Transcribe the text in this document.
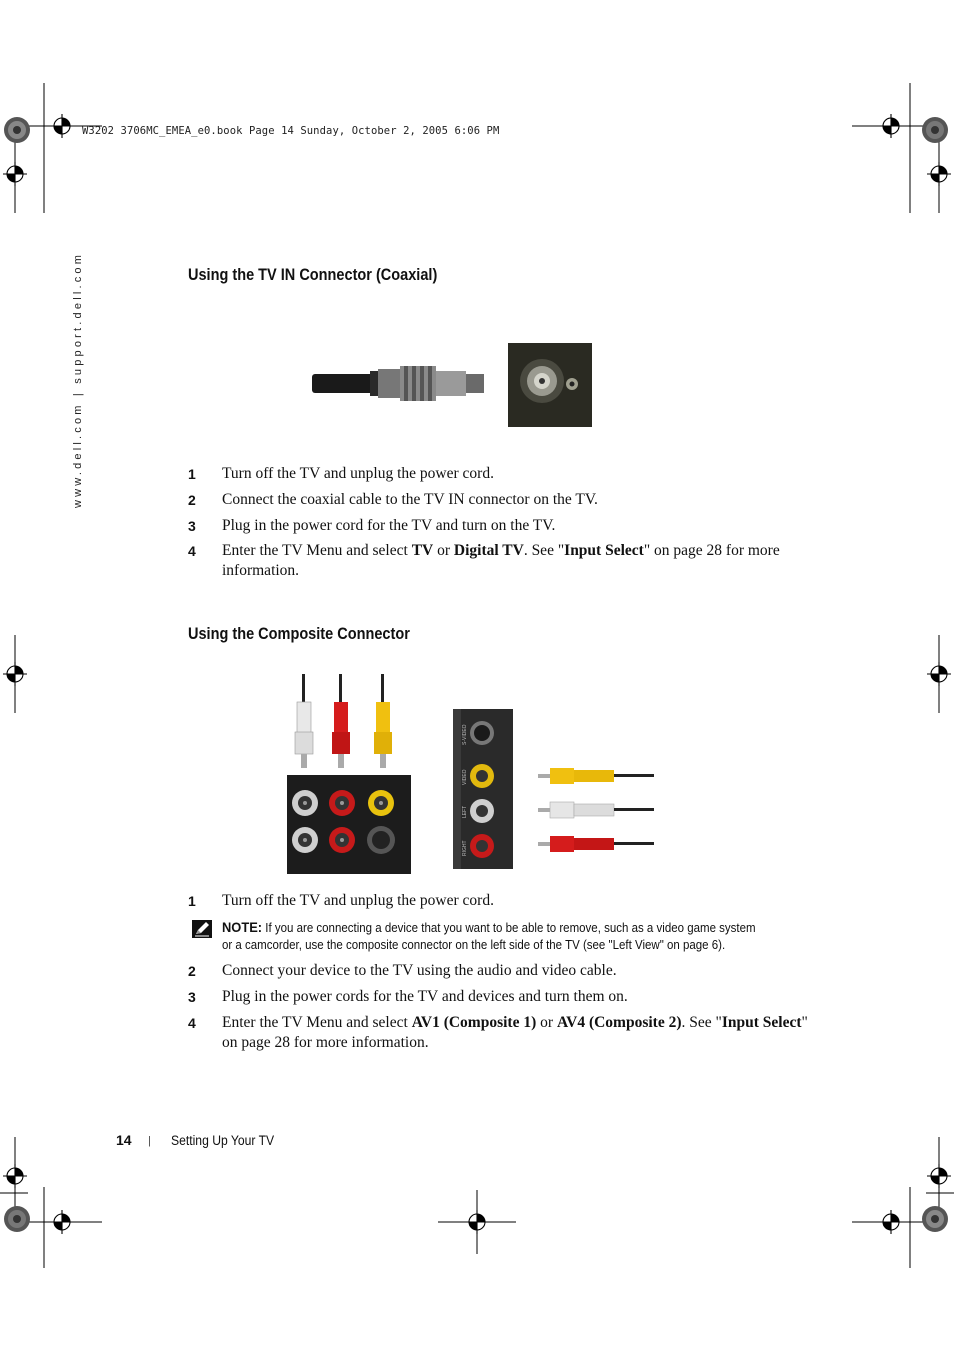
W3202 3706MC_EMEA_e0.book Page 14 Sunday, October 2, 2005 6:06 PM
www.dell.com | support.dell.com	Using the TV IN Connector (Coaxial)
1 Turn off the TV and unplug the power cord.
2 Connect the coaxial cable to the TV IN connector on the TV.
3 Plug in the power cord for the TV and turn on the TV.
4 Enter the TV Menu and select TV or Digital TV. See "Input Select" on page 28 for more
information.
Using the Composite Connector
S-VIDEO
VIDEO
LEFT
RIGHT
1 Turn off the TV and unplug the power cord.
NOTE: If you are connecting a device that you want to be able to remove, such as a video game system
or a camcorder, use the composite connector on the left side of the TV (see "Left View" on page 6).
2 Connect your device to the TV using the audio and video cable.
3 Plug in the power cords for the TV and devices and turn them on.
4 Enter the TV Menu and select AV1 (Composite 1) or AV4 (Composite 2). See "Input Select"
on page 28 for more information.
14 | Setting Up Your TV
